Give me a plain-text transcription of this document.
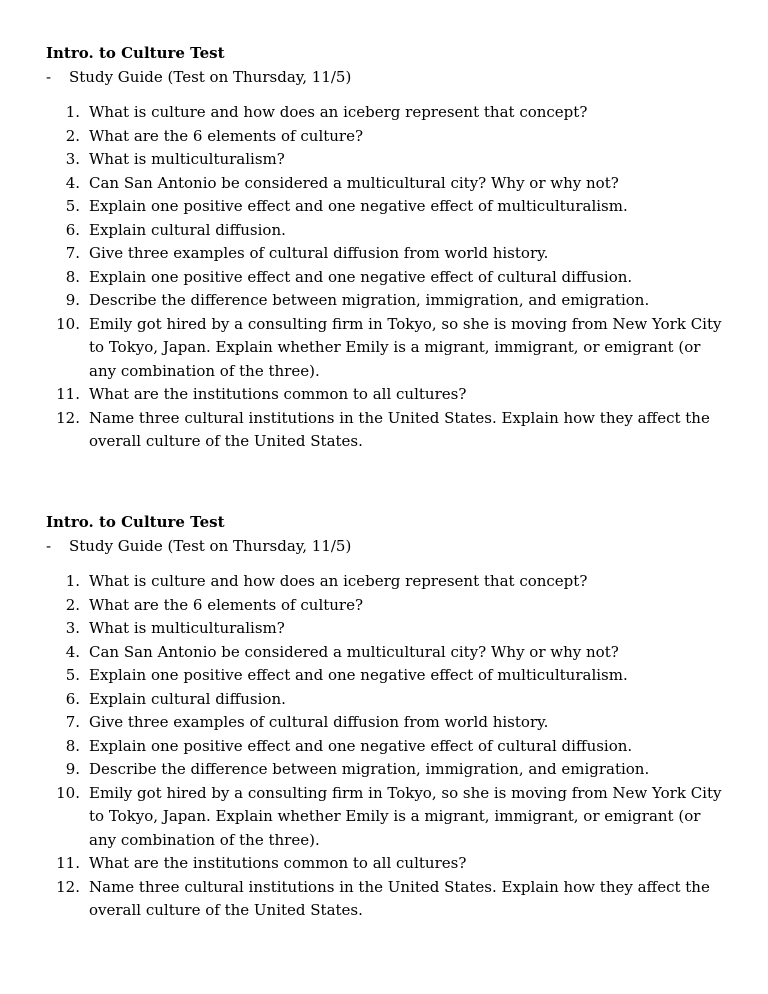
Intro. to Culture Test

- Study Guide (Test on Thursday, 11/5)

1. What is culture and how does an iceberg represent that concept?
2. What are the 6 elements of culture?
3. What is multiculturalism?
4. Can San Antonio be considered a multicultural city? Why or why not?
5. Explain one positive effect and one negative effect of multiculturalism.
6. Explain cultural diffusion.
7. Give three examples of cultural diffusion from world history.
8. Explain one positive effect and one negative effect of cultural diffusion.
9. Describe the difference between migration, immigration, and emigration.
10. Emily got hired by a consulting firm in Tokyo, so she is moving from New York City to Tokyo, Japan. Explain whether Emily is a migrant, immigrant, or emigrant (or any combination of the three).
11. What are the institutions common to all cultures?
12. Name three cultural institutions in the United States. Explain how they affect the overall culture of the United States.

Intro. to Culture Test

- Study Guide (Test on Thursday, 11/5)

1. What is culture and how does an iceberg represent that concept?
2. What are the 6 elements of culture?
3. What is multiculturalism?
4. Can San Antonio be considered a multicultural city? Why or why not?
5. Explain one positive effect and one negative effect of multiculturalism.
6. Explain cultural diffusion.
7. Give three examples of cultural diffusion from world history.
8. Explain one positive effect and one negative effect of cultural diffusion.
9. Describe the difference between migration, immigration, and emigration.
10. Emily got hired by a consulting firm in Tokyo, so she is moving from New York City to Tokyo, Japan. Explain whether Emily is a migrant, immigrant, or emigrant (or any combination of the three).
11. What are the institutions common to all cultures?
12. Name three cultural institutions in the United States. Explain how they affect the overall culture of the United States.
